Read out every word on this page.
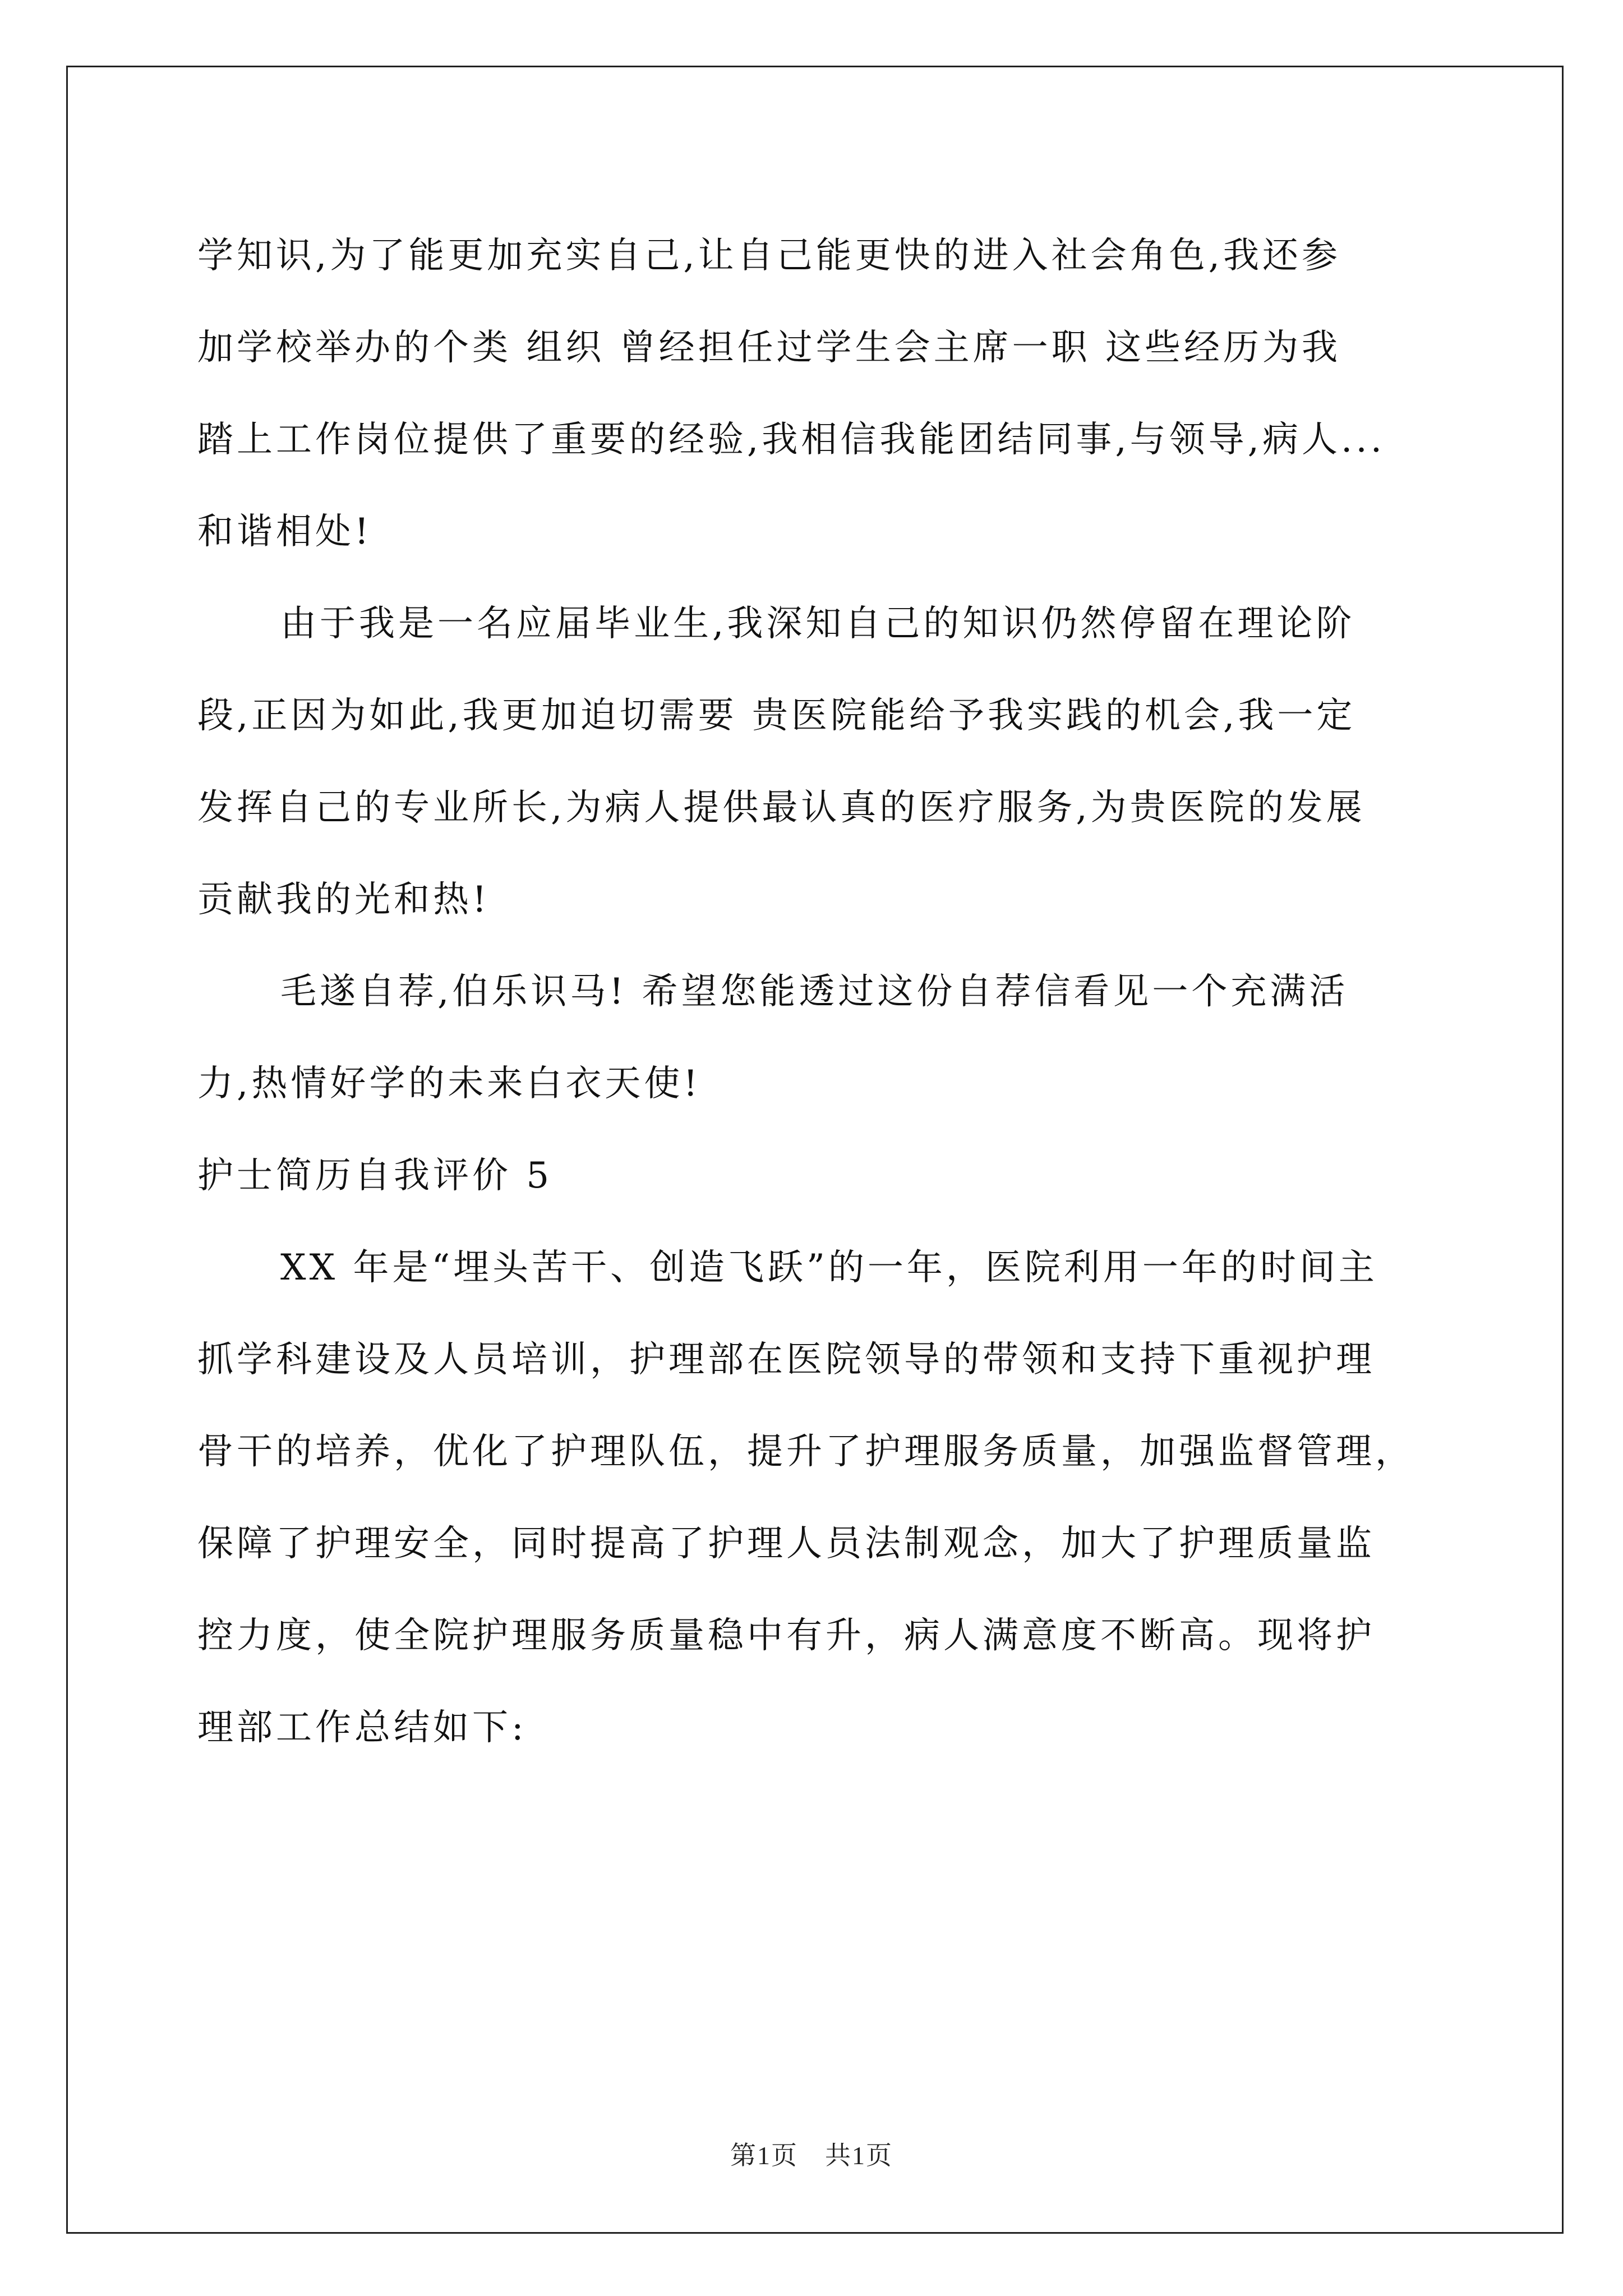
学知识,为了能更加充实自己,让自己能更快的进入社会角色,我还参
加学校举办的个类 组织 曾经担任过学生会主席一职 这些经历为我
踏上工作岗位提供了重要的经验,我相信我能团结同事,与领导,病人...
和谐相处!
由于我是一名应届毕业生,我深知自己的知识仍然停留在理论阶
段,正因为如此,我更加迫切需要 贵医院能给予我实践的机会,我一定
发挥自己的专业所长,为病人提供最认真的医疗服务,为贵医院的发展
贡献我的光和热!
毛遂自荐,伯乐识马! 希望您能透过这份自荐信看见一个充满活
力,热情好学的未来白衣天使!
护士简历自我评价 5
XX 年是“埋头苦干、创造飞跃”的一年，医院利用一年的时间主
抓学科建设及人员培训，护理部在医院领导的带领和支持下重视护理
骨干的培养，优化了护理队伍，提升了护理服务质量，加强监督管理，
保障了护理安全，同时提高了护理人员法制观念，加大了护理质量监
控力度，使全院护理服务质量稳中有升，病人满意度不断高。现将护
理部工作总结如下:
第1页　共1页
